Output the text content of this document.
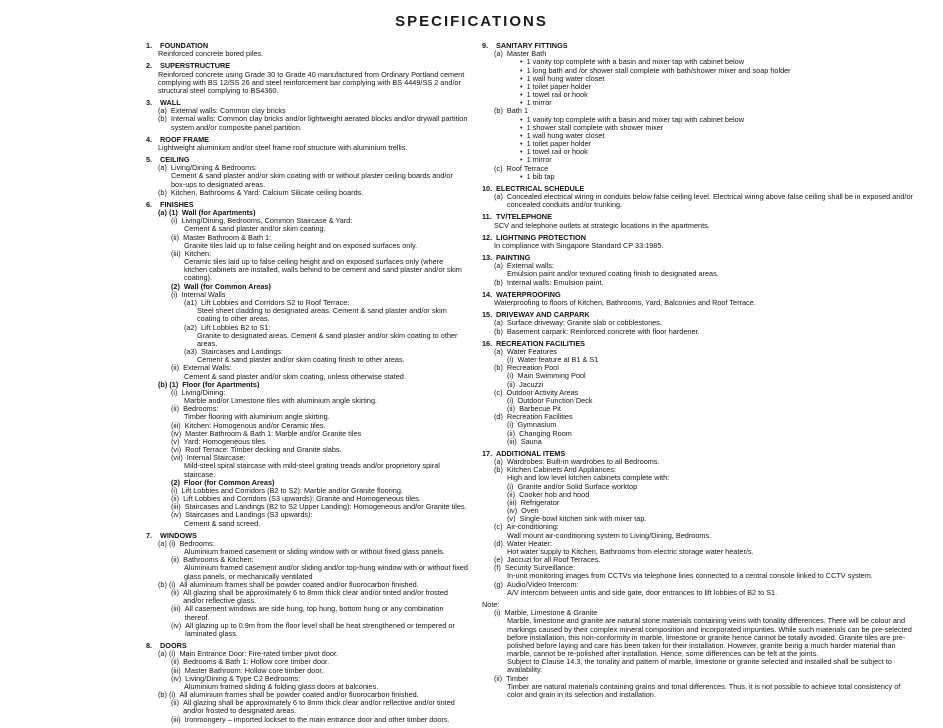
SPECIFICATIONS
1.	FOUNDATION
Reinforced concrete bored piles.
2.	SUPERSTRUCTURE
Reinforced concrete using Grade 30 to Grade 40 manufactured from Ordinary Portland cement complying with BS 12/SS 26 and steel reinforcement bar complying with BS 4449/SS 2 and/or structural steel complying to BS4360.
3.	WALL
(a) External walls: Common clay bricks
(b) Internal walls: Common clay bricks and/or lightweight aerated blocks and/or drywall partition system and/or composite panel partition.
4.	ROOF FRAME
Lightweight aluminium and/or steel frame roof structure with aluminium trellis.
5.	CEILING
(a) Living/Dining & Bedrooms:
Cement & sand plaster and/or skim coating with or without plaster ceiling boards and/or box-ups to designated areas.
(b) Kitchen, Bathrooms & Yard: Calcium Silicate ceiling boards.
6.	FINISHES
(a) (1) Wall (for Apartments)
(i) Living/Dining, Bedrooms, Common Staircase & Yard:
Cement & sand plaster and/or skim coating.
(ii) Master Bathroom & Bath 1:
Granite tiles laid up to false ceiling height and on exposed surfaces only.
(iii) Kitchen:
Ceramic tiles laid up to false ceiling height and on exposed surfaces only (where kitchen cabinets are installed, walls behind to be cement and sand plaster and/or skim coating).
(2) Wall (for Common Areas)
(i) Internal Walls
(a1) Lift Lobbies and Corridors S2 to Roof Terrace:
Steel sheet cladding to designated areas. Cement & sand plaster and/or skim coating to other areas.
(a2) Lift Lobbies B2 to S1:
Granite to designated areas. Cement & sand plaster and/or skim coating to other areas.
(a3) Staircases and Landings:
Cement & sand plaster and/or skim coating finish to other areas.
(ii) External Walls:
Cement & sand plaster and/or skim coating, unless otherwise stated.
(b) (1) Floor (for Apartments)
(i) Living/Dining:
Marble and/or Limestone tiles with aluminium angle skirting.
(ii) Bedrooms:
Timber flooring with aluminium angle skirting.
(iii) Kitchen: Homogenous and/or Ceramic tiles.
(iv) Master Bathroom & Bath 1: Marble and/or Granite tiles
(v) Yard: Homogeneous tiles.
(vi) Roof Terrace: Timber decking and Granite slabs.
(vii) Internal Staircase:
Mild-steel spiral staircase with mild-steel grating treads and/or proprietory spiral staircase.
(2) Floor (for Common Areas)
(i) Lift Lobbies and Corridors (B2 to S2): Marble and/or Granite flooring.
(ii) Lift Lobbies and Corridors (S3 upwards): Granite and Homogeneous tiles.
(iii) Staircases and Landings (B2 to S2 Upper Landing): Homogeneous and/or Granite tiles.
(iv) Staircases and Landings (S3 upwards):
Cement & sand screed.
7.	WINDOWS
(a) (i) Bedrooms:
Aluminium framed casement or sliding window with or without fixed glass panels.
(ii) Bathrooms & Kitchen:
Aluminium framed casement and/or sliding and/or top-hung window with or without fixed glass panels, or mechanically ventilated
(b) (i) All aluminium frames shall be powder coated and/or fluorocarbon finished.
(ii) All glazing shall be approximately 6 to 8mm thick clear and/or tinted and/or frosted and/or reflective glass.
(iii) All casement windows are side hung, top hung, bottom hung or any combination thereof.
(iv) All glazing up to 0.9m from the floor level shall be heat strengthened or tempered or laminated glass.
8.	DOORS
(a) (i) Main Entrance Door: Fire-rated timber pivot door.
(ii) Bedrooms & Bath 1: Hollow core timber door.
(iii) Master Bathroom: Hollow core timber door.
(iv) Living/Dining & Type C2 Bedrooms:
Aluminium framed sliding & folding glass doors at balconies.
(b) (i) All aluminium frames shall be powder coated and/or fluorocarbon finished.
(ii) All glazing shall be approximately 6 to 8mm thick clear and/or reflective and/or tinted and/or frosted to designated areas.
(iii) Ironmongery – imported lockset to the main entrance door and other timber doors.
9.	SANITARY FITTINGS
(a) Master Bath
• 1 vanity top complete with a basin and mixer tap with cabinet below
• 1 long bath and /or shower stall complete with bath/shower mixer and soap holder
• 1 wall hung water closet
• 1 toilet paper holder
• 1 towel rail or hook
• 1 mirror
(b) Bath 1
• 1 vanity top complete with a basin and mixer tap with cabinet below
• 1 shower stall complete with shower mixer
• 1 wall hung water closet
• 1 toilet paper holder
• 1 towel rail or hook
• 1 mirror
(c) Roof Terrace
• 1 bib tap
10. ELECTRICAL SCHEDULE
(a) Concealed electrical wiring in conduits below false ceiling level. Electrical wiring above false ceiling shall be in exposed and/or concealed conduits and/or trunking.
11. TV/TELEPHONE
SCV and telephone outlets at strategic locations in the apartments.
12. LIGHTNING PROTECTION
In compliance with Singapore Standard CP 33:1985.
13. PAINTING
(a) External walls:
Emulsion paint and/or textured coating finish to designated areas.
(b) Internal walls: Emulsion paint.
14. WATERPROOFING
Waterproofing to floors of Kitchen, Bathrooms, Yard, Balconies and Roof Terrace.
15. DRIVEWAY AND CARPARK
(a) Surface driveway: Granite slab or cobblestones.
(b) Basement carpark: Reinforced concrete with floor hardener.
16. RECREATION FACILITIES
(a) Water Features
(i) Water feature at B1 & S1
(b) Recreation Pool
(i) Main Swimming Pool
(ii) Jacuzzi
(c) Outdoor Activity Areas
(i) Outdoor Function Deck
(ii) Barbecue Pit
(d) Recreation Facilities
(i) Gymnasium
(ii) Changing Room
(iii) Sauna
17. ADDITIONAL ITEMS
(a) Wardrobes: Built-in wardrobes to all Bedrooms.
(b) Kitchen Cabinets And Appliances:
High and low level kitchen cabinets complete with:
(i) Granite and/or Solid Surface worktop
(ii) Cooker hob and hood
(iii) Refrigerator
(iv) Oven
(v) Single-bowl kitchen sink with mixer tap.
(c) Air-conditioning:
Wall mount air-conditioning system to Living/Dining, Bedrooms.
(d) Water Heater:
Hot water supply to Kitchen, Bathrooms from electric storage water heater/s.
(e) Jaccuzi for all Roof Terraces.
(f) Security Surveillance:
In-unit monitoring images from CCTVs via telephone lines connected to a central console linked to CCTV system.
(g) Audio/Video Intercom:
A/V intercom between untis and side gate, door entrances to lift lobbies of B2 to S1.
Note:
(i) Marble, Limestone & Granite
Marble, limestone and granite are natural stone materials containing veins with tonality differences. There will be colour and markings caused by their complex mineral composition and incorporated impurities. While such materials can be pre-selected before installation, this non-conformity in marble, limestone or granite hence cannot be totally avoided. Granite tiles are pre-polished before laying and care has been taken for their installation. However, granite being a much harder material than marble, cannot be re-polished after installation. Hence, some differences can be felt at the joints.
Subject to Clause 14.3, the tonality and pattern of marble, limestone or granite selected and installed shall be subject to availability.
(ii) Timber
Timber are natural materials containing grains and tonal differences. Thus, it is not possible to achieve total consistency of color and grain in its selection and installation.
